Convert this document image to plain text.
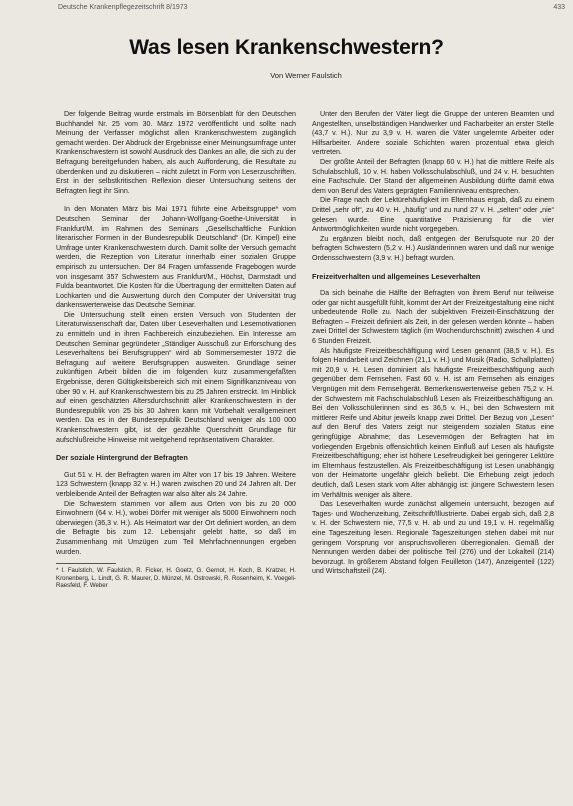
Deutsche Krankenpflegezeitschrift 8/1973	433
Was lesen Krankenschwestern?
Von Werner Faulstich

Der folgende Beitrag wurde erstmals im Börsenblatt für den Deutschen Buchhandel Nr. 25 vom 30. März 1972 veröffentlicht und sollte nach Meinung der Verfasser möglichst allen Krankenschwestern zugänglich gemacht werden. Der Abdruck der Ergebnisse einer Meinungsumfrage unter Krankenschwestern ist sowohl Ausdruck des Dankes an alle, die sich zu der Befragung bereitgefunden haben, als auch Aufforderung, die Resultate zu überdenken und zu diskutieren – nicht zuletzt in Form von Leserzuschriften. Erst in der selbstkritischen Reflexion dieser Untersuchung seitens der Befragten liegt ihr Sinn.

In den Monaten März bis Mai 1971 führte eine Arbeitsgruppe* vom Deutschen Seminar der Johann-Wolfgang-Goethe-Universität in Frankfurt/M. im Rahmen des Seminars „Gesellschaftliche Funktion literarischer Formen in der Bundesrepublik Deutschland“ (Dr. Kimpel) eine Umfrage unter Krankenschwestern durch. Damit sollte der Versuch gemacht werden, die Rezeption von Literatur innerhalb einer sozialen Gruppe empirisch zu untersuchen. Der 84 Fragen umfassende Fragebogen wurde von insgesamt 357 Schwestern aus Frankfurt/M., Höchst, Darmstadt und Fulda beantwortet. Die Kosten für die Übertragung der ermittelten Daten auf Lochkarten und die Auswertung durch den Computer der Universität trug dankenswerterweise das Deutsche Seminar.

Die Untersuchung stellt einen ersten Versuch von Studenten der Literaturwissenschaft dar, Daten über Leseverhalten und Lesemotivationen zu ermitteln und in ihren Fachbereich einzubeziehen. Ein Interesse am Deutschen Seminar gegründeter „Ständiger Ausschuß zur Erforschung des Leseverhaltens bei Berufsgruppen“ wird ab Sommersemester 1972 die Befragung auf weitere Berufsgruppen ausweiten. Grundlage seiner zukünftigen Arbeit bilden die im folgenden kurz zusammengefaßten Ergebnisse, deren Gültigkeitsbereich sich mit einem Signifikanzniveau von über 90 v. H. auf Krankenschwestern bis zu 25 Jahren erstreckt. Im Hinblick auf einen geschätzten Altersdurchschnitt aller Krankenschwestern in der Bundesrepublik von 25 bis 30 Jahren kann mit Vorbehalt verallgemeinert werden. Da es in der Bundesrepublik Deutschland weniger als 100 000 Krankenschwestern gibt, ist der gezählte Querschnitt Grundlage für aufschlußreiche Hinweise mit weitgehend repräsentativem Charakter.

Der soziale Hintergrund der Befragten

Gut 51 v. H. der Befragten waren im Alter von 17 bis 19 Jahren. Weitere 123 Schwestern (knapp 32 v. H.) waren zwischen 20 und 24 Jahren alt. Der verbleibende Anteil der Befragten war also älter als 24 Jahre.

Die Schwestern stammen vor allem aus Orten von bis zu 20 000 Einwohnern (64 v. H.), wobei Dörfer mit weniger als 5000 Einwohnern noch überwiegen (36,3 v. H.). Als Heimatort war der Ort definiert worden, an dem die Befragte bis zum 12. Lebensjahr gelebt hatte, so daß im Zusammenhang mit Umzügen zum Teil Mehrfachnennungen ergeben wurden.

* I. Faulstich, W. Faulstich, R. Ficker, H. Goetz, G. Gernot, H. Koch, B. Kratzer, H. Kronenberg, L. Lindt, G. R. Maurer, D. Münzel, M. Ostrowski, R. Rosenheim, K. Voegeli-Raesfeld, F. Weber

Unter den Berufen der Väter liegt die Gruppe der unteren Beamten und Angestellten, unselbständigen Handwerker und Facharbeiter an erster Stelle (43,7 v. H.). Nur zu 3,9 v. H. waren die Väter ungelernte Arbeiter oder Hilfsarbeiter. Andere soziale Schichten waren prozentual etwa gleich vertreten.

Der größte Anteil der Befragten (knapp 60 v. H.) hat die mittlere Reife als Schulabschluß, 10 v. H. haben Volksschulabschluß, und 24 v. H. besuchten eine Fachschule. Der Stand der allgemeinen Ausbildung dürfte damit etwa dem von Beruf des Vaters geprägten Familienniveau entsprechen.

Die Frage nach der Lektürehäufigkeit im Elternhaus ergab, daß zu einem Drittel „sehr oft“, zu 40 v. H. „häufig“ und zu rund 27 v. H. „selten“ oder „nie“ gelesen wurde. Eine quantitative Präzisierung für die vier Antwortmöglichkeiten wurde nicht vorgegeben.

Zu ergänzen bleibt noch, daß entgegen der Berufsquote nur 20 der befragten Schwestern (5,2 v. H.) Ausländerinnen waren und daß nur wenige Ordensschwestern (3,9 v. H.) befragt wurden.

Freizeitverhalten und allgemeines Leseverhalten

Da sich beinahe die Hälfte der Befragten von ihrem Beruf nur teilweise oder gar nicht ausgefüllt fühlt, kommt der Art der Freizeitgestaltung eine nicht unbedeutende Rolle zu. Nach der subjektiven Freizeit-Einschätzung der Befragten – Freizeit definiert als Zeit, in der gelesen werden könnte – haben zwei Drittel der Schwestern täglich (im Wochendurchschnitt) zwischen 4 und 6 Stunden Freizeit.

Als häufigste Freizeitbeschäftigung wird Lesen genannt (38,5 v. H.). Es folgen Handarbeit und Zeichnen (21,1 v. H.) und Musik (Radio, Schallplatten) mit 20,9 v. H. Lesen dominiert als häufigste Freizeitbeschäftigung auch gegenüber dem Fernsehen. Fast 60 v. H. ist am Fernsehen als einziges Vergnügen mit dem Fernsehgerät. Bemerkenswerterweise geben 75,2 v. H. der Schwestern mit Fachschulabschluß Lesen als Freizeitbeschäftigung an. Bei den Volksschülerinnen sind es 36,5 v. H., bei den Schwestern mit mittlerer Reife und Abitur jeweils knapp zwei Drittel. Der Bezug von „Lesen“ auf den Beruf des Vaters zeigt nur steigendem sozialen Status eine geringfügige Abnahme; das Lesevermögen der Befragten hat im vorliegenden Ergebnis offensichtlich keinen Einfluß auf Lesen als häufigste Freizeitbeschäftigung; eher ist höhere Lesefreudigkeit bei geringerer Lektüre im Elternhaus festzustellen. Als Freizeitbeschäftigung ist Lesen unabhängig von der Heimatorte ungefähr gleich beliebt. Die Erhebung zeigt jedoch deutlich, daß Lesen stark vom Alter abhängig ist: jüngere Schwestern lesen im Verhältnis weniger als ältere.

Das Leseverhalten wurde zunächst allgemein untersucht, bezogen auf Tages- und Wochenzeitung, Zeitschrift/Illustrierte. Dabei ergab sich, daß 2,8 v. H. der Schwestern nie, 77,5 v. H. ab und zu und 19,1 v. H. regelmäßig eine Tageszeitung lesen. Regionale Tageszeitungen stehen dabei mit nur geringem Vorsprung vor anspruchsvolleren überregionalen. Gemäß der Nennungen werden dabei der politische Teil (276) und der Lokalteil (214) bevorzugt. In größerem Abstand folgen Feuilleton (147), Anzeigenteil (122) und Wirtschaftsteil (24).
